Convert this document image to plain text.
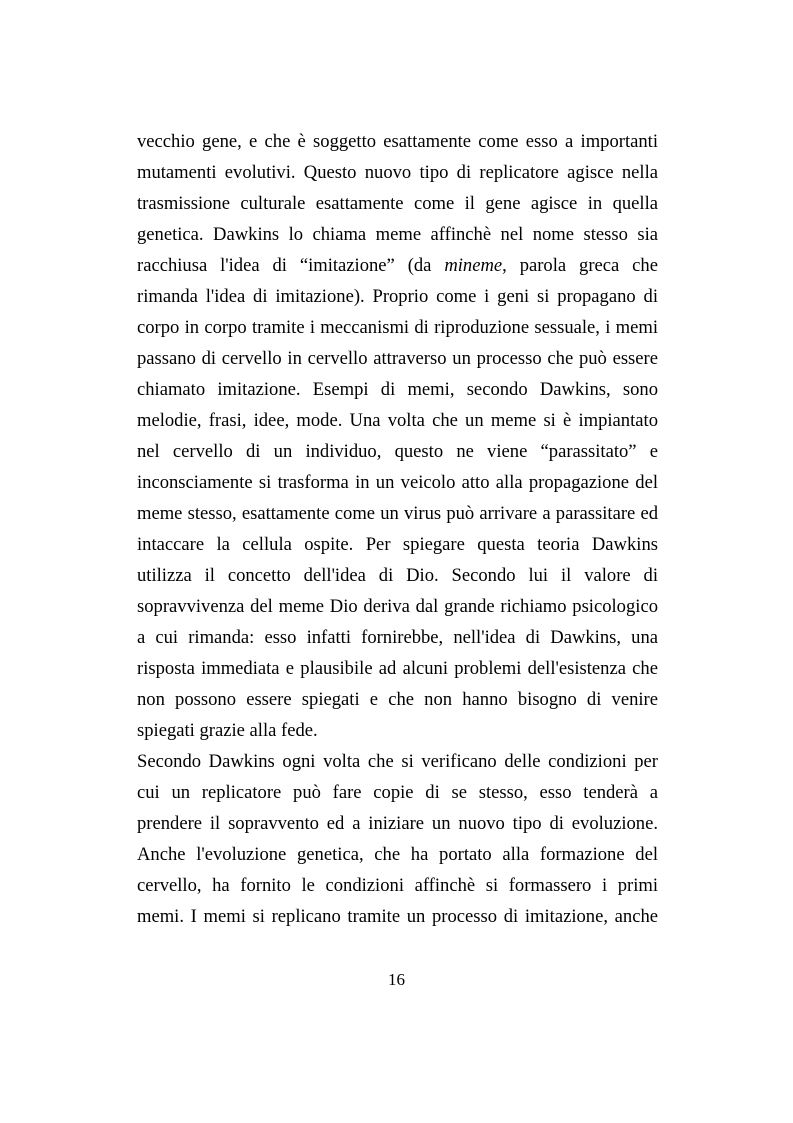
vecchio gene, e che è soggetto esattamente come esso a importanti
mutamenti evolutivi. Questo nuovo tipo di replicatore agisce nella
trasmissione culturale esattamente come il gene agisce in quella
genetica. Dawkins lo chiama meme affinchè nel nome stesso sia
racchiusa l'idea di “imitazione” (da mineme, parola greca che
rimanda l'idea di imitazione). Proprio come i geni si propagano di
corpo in corpo tramite i meccanismi di riproduzione sessuale, i memi
passano di cervello in cervello attraverso un processo che può essere
chiamato imitazione. Esempi di memi, secondo Dawkins, sono
melodie, frasi, idee, mode. Una volta che un meme si è impiantato
nel cervello di un individuo, questo ne viene “parassitato” e
inconsciamente si trasforma in un veicolo atto alla propagazione del
meme stesso, esattamente come un virus può arrivare a parassitare ed
intaccare la cellula ospite. Per spiegare questa teoria Dawkins
utilizza il concetto dell'idea di Dio. Secondo lui il valore di
sopravvivenza del meme Dio deriva dal grande richiamo psicologico
a cui rimanda: esso infatti fornirebbe, nell'idea di Dawkins, una
risposta immediata e plausibile ad alcuni problemi dell'esistenza che
non possono essere spiegati e che non hanno bisogno di venire
spiegati grazie alla fede.
Secondo Dawkins ogni volta che si verificano delle condizioni per
cui un replicatore può fare copie di se stesso, esso tenderà a
prendere il sopravvento ed a iniziare un nuovo tipo di evoluzione.
Anche l'evoluzione genetica, che ha portato alla formazione del
cervello, ha fornito le condizioni affinchè si formassero i primi
memi. I memi si replicano tramite un processo di imitazione, anche
16
